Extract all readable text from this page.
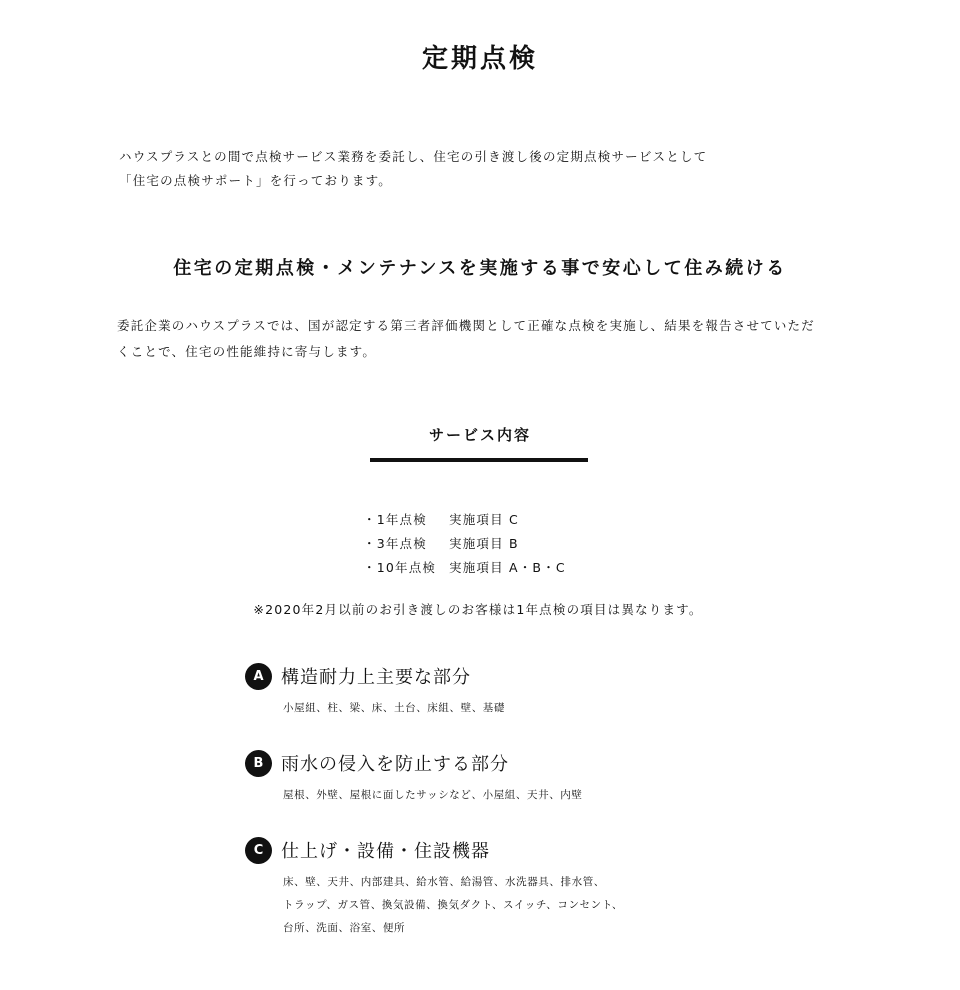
定期点検
ハウスプラスとの間で点検サービス業務を委託し、住宅の引き渡し後の定期点検サービスとして
「住宅の点検サポート」を行っております。
住宅の定期点検・メンテナンスを実施する事で安心して住み続ける
委託企業のハウスプラスでは、国が認定する第三者評価機関として正確な点検を実施し、結果を報告させていただ
くことで、住宅の性能維持に寄与します。
サービス内容
・1年点検	実施項目 C
・3年点検	実施項目 B
・10年点検	実施項目 A・B・C
※2020年2月以前のお引き渡しのお客様は1年点検の項目は異なります。
A 構造耐力上主要な部分
小屋組、柱、梁、床、土台、床組、壁、基礎
B 雨水の侵入を防止する部分
屋根、外壁、屋根に面したサッシなど、小屋組、天井、内壁
C 仕上げ・設備・住設機器
床、壁、天井、内部建具、給水管、給湯管、水洗器具、排水管、
トラップ、ガス管、換気設備、換気ダクト、スイッチ、コンセント、
台所、洗面、浴室、便所
